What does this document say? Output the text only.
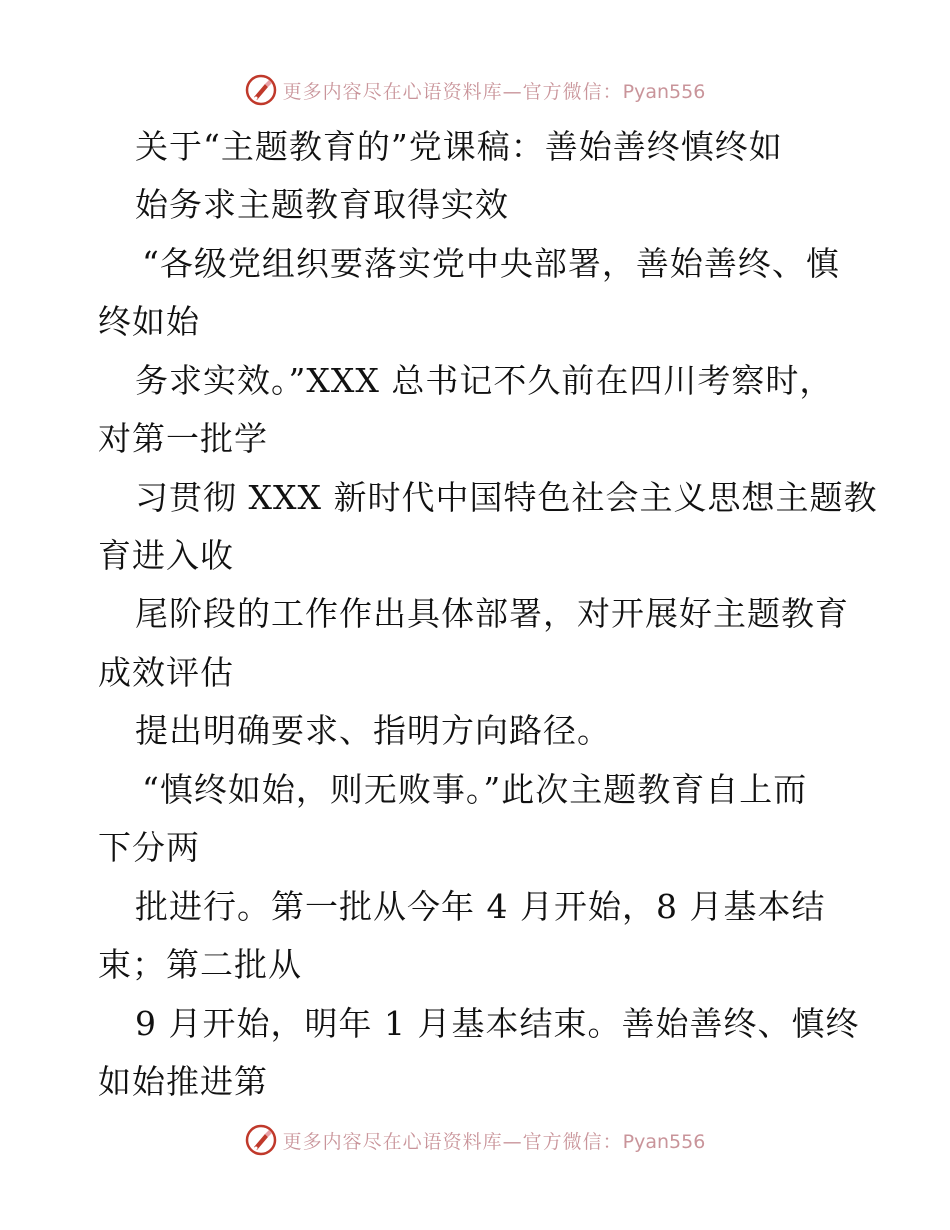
更多内容尽在心语资料库—官方微信：Pyan556
关于“主题教育的”党课稿：善始善终慎终如
始务求主题教育取得实效
“各级党组织要落实党中央部署，善始善终、慎
终如始
务求实效。”XXX 总书记不久前在四川考察时，
对第一批学
习贯彻 XXX 新时代中国特色社会主义思想主题教
育进入收
尾阶段的工作作出具体部署，对开展好主题教育
成效评估
提出明确要求、指明方向路径。
“慎终如始，则无败事。”此次主题教育自上而
下分两
批进行。第一批从今年 4 月开始，8 月基本结
束；第二批从
9 月开始，明年 1 月基本结束。善始善终、慎终
如始推进第
更多内容尽在心语资料库—官方微信：Pyan556
